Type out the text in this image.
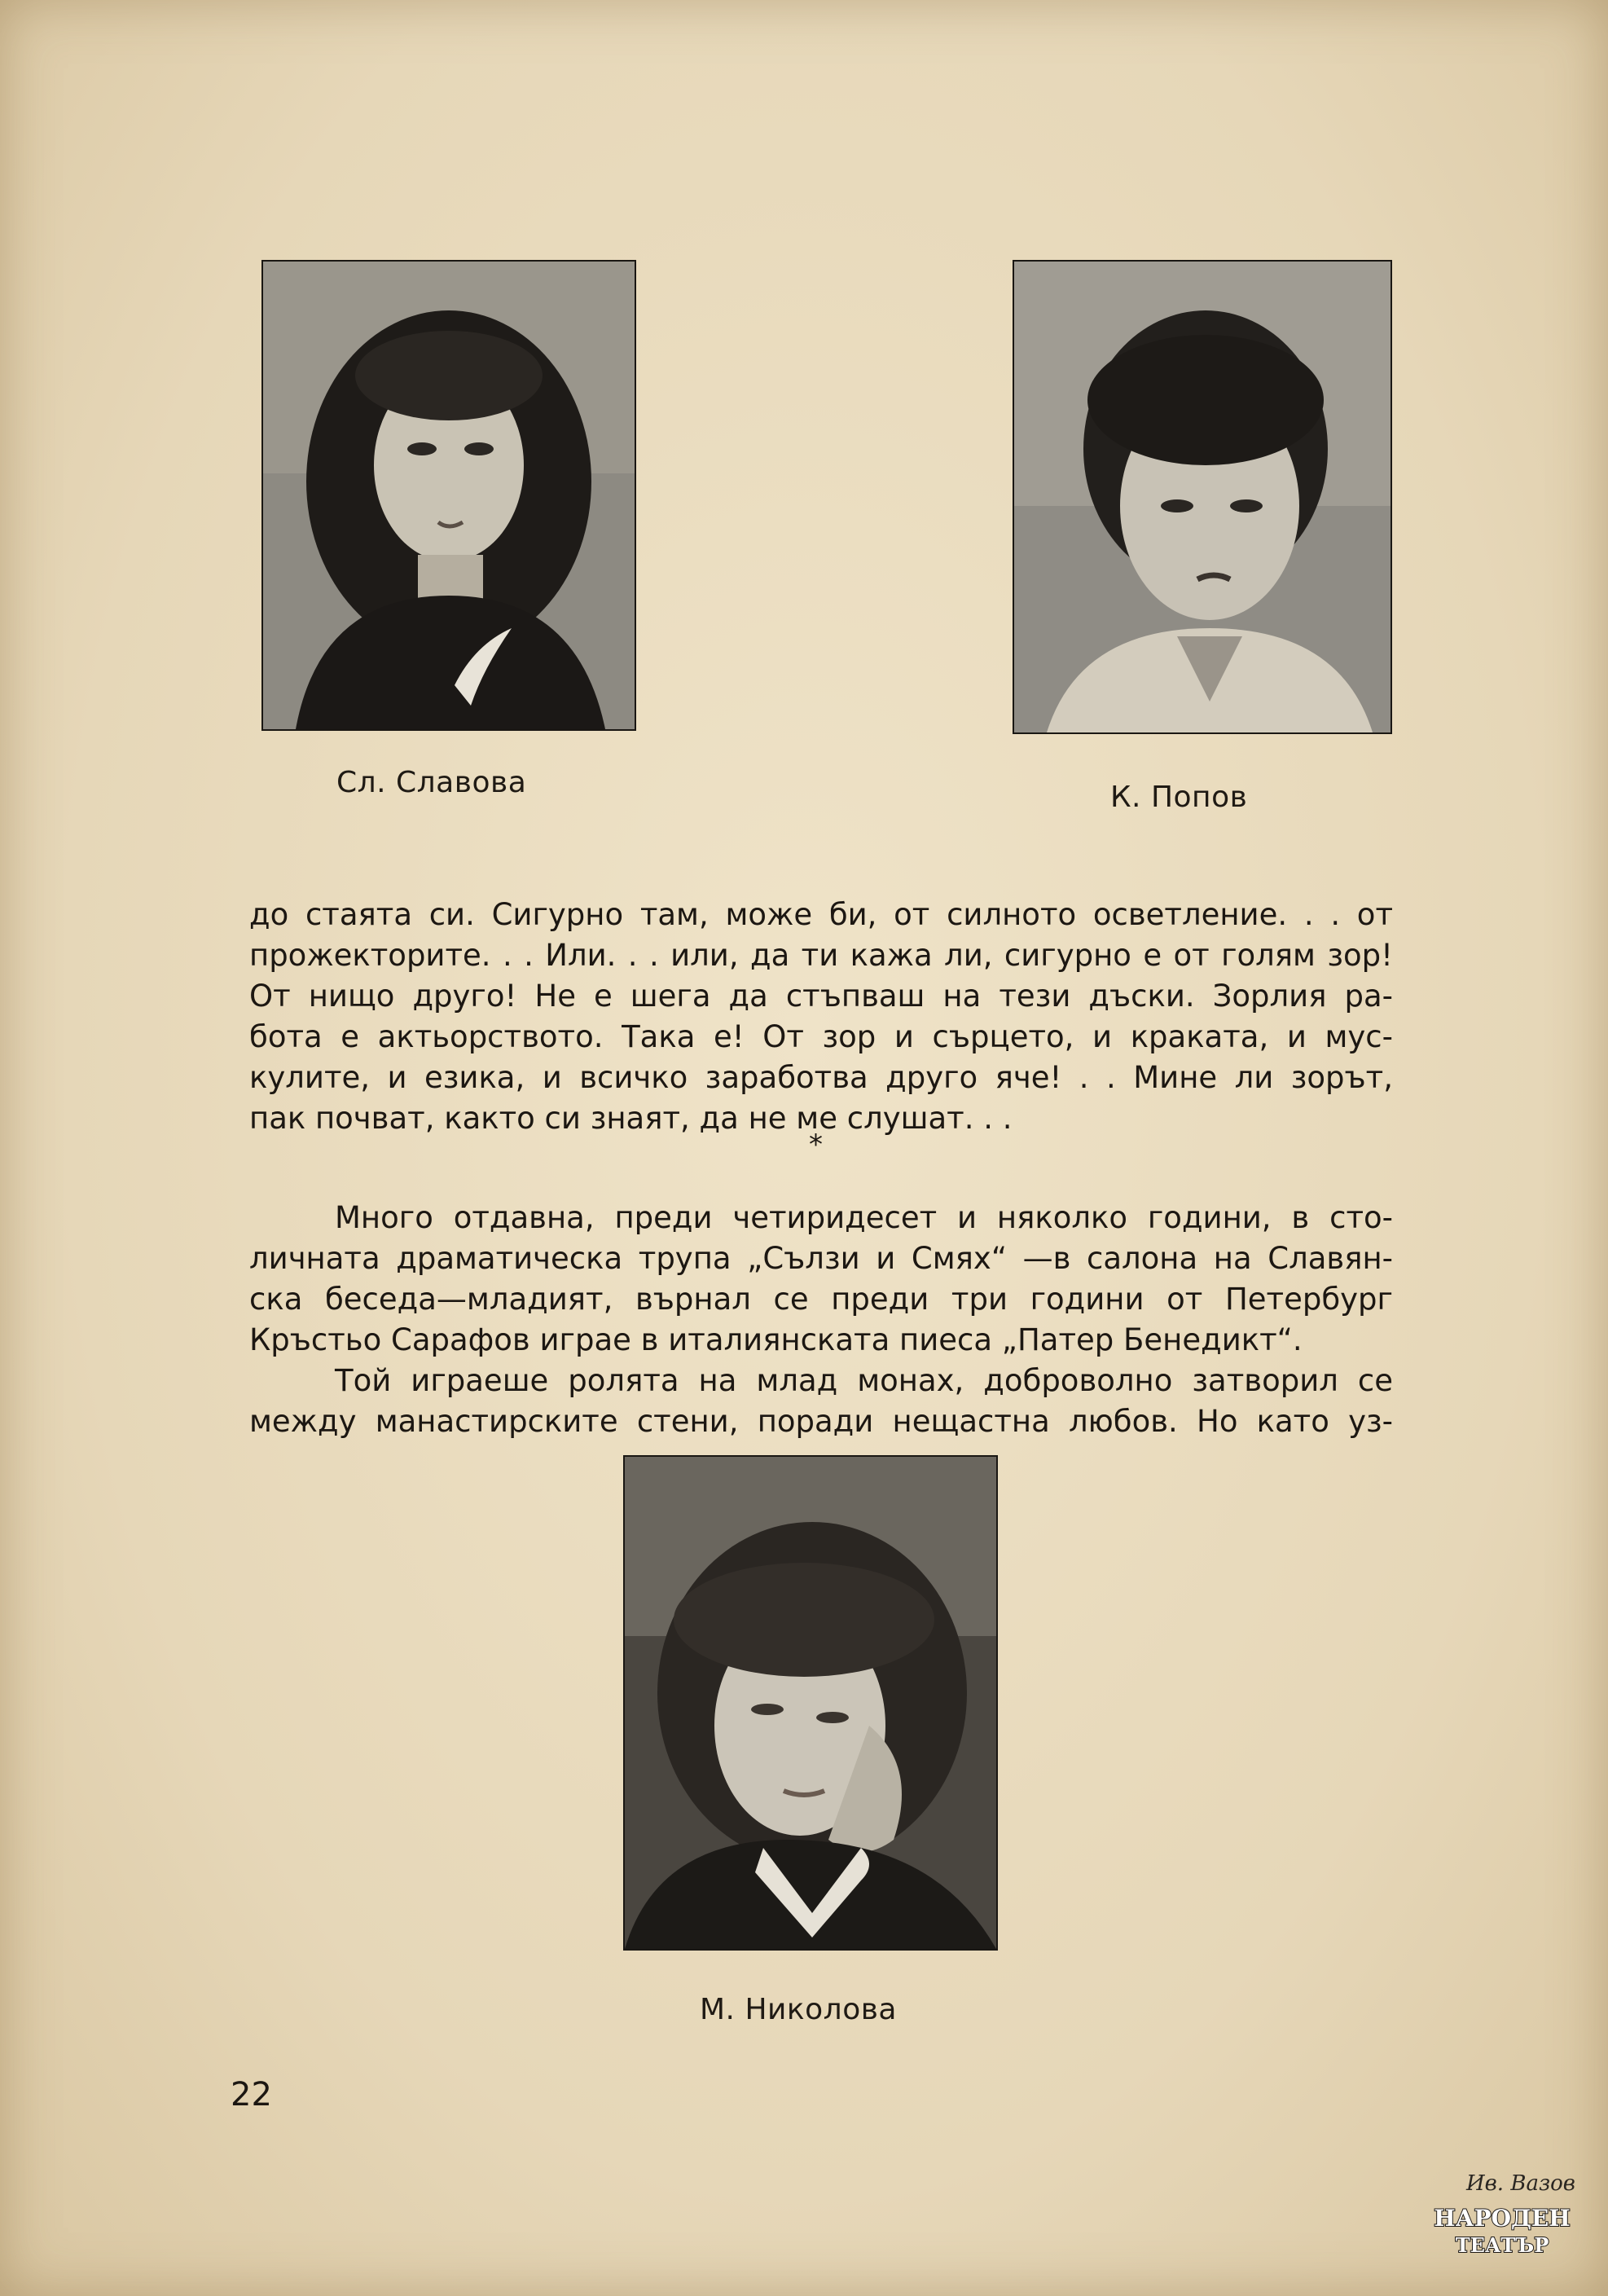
Сл. Славова	К. Попов
до стаята си. Сигурно там, може би, от силното осветление. . . от
прожекторите. . . Или. . . или, да ти кажа ли, сигурно е от голям зор!
От нищо друго! Не е шега да стъпваш на тези дъски. Зорлия ра-
бота е актьорството. Така е! От зор и сърцето, и краката, и мус-
кулите, и езика, и всичко заработва друго яче! . . Мине ли зорът,
пак почват, както си знаят, да не ме слушат. . .
*
Много отдавна, преди четиридесет и няколко години, в сто-
личната драматическа трупа „Сълзи и Смях“ —в салона на Славян-
ска беседа—младият, върнал се преди три години от Петербург
Кръстьо Сарафов играе в италиянската пиеса „Патер Бенедикт“.
Той играеше ролята на млад монах, доброволно затворил се
между манастирските стени, поради нещастна любов. Но като уз-
М. Николова
22
Ив. Вазов
НАРОДЕН
ТЕАТЪР
